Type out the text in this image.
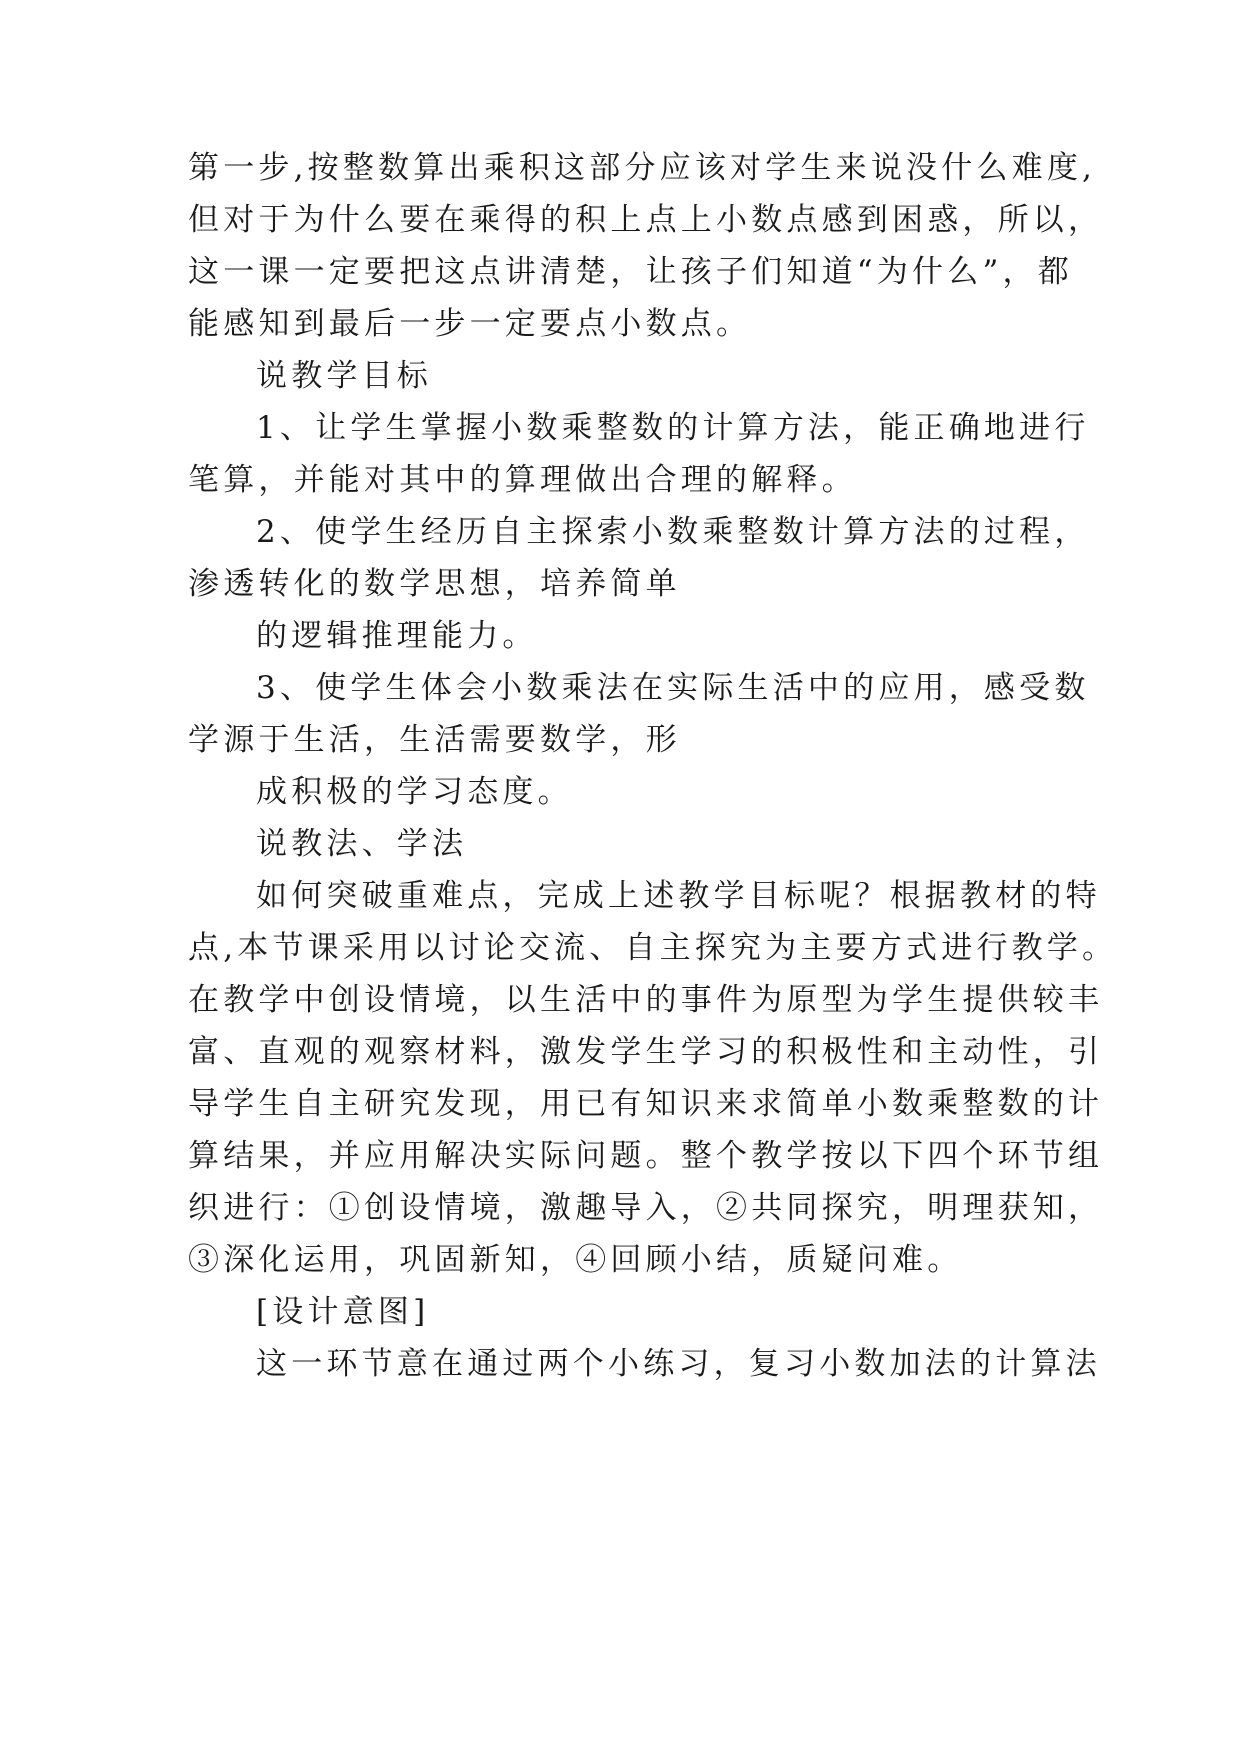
第一步,按整数算出乘积这部分应该对学生来说没什么难度,
但对于为什么要在乘得的积上点上小数点感到困惑，所以，
这一课一定要把这点讲清楚，让孩子们知道“为什么”，都
能感知到最后一步一定要点小数点。
说教学目标
1、让学生掌握小数乘整数的计算方法，能正确地进行
笔算，并能对其中的算理做出合理的解释。
2、使学生经历自主探索小数乘整数计算方法的过程，
渗透转化的数学思想，培养简单
的逻辑推理能力。
3、使学生体会小数乘法在实际生活中的应用，感受数
学源于生活，生活需要数学，形
成积极的学习态度。
说教法、学法
如何突破重难点，完成上述教学目标呢？根据教材的特
点,本节课采用以讨论交流、自主探究为主要方式进行教学。
在教学中创设情境，以生活中的事件为原型为学生提供较丰
富、直观的观察材料，激发学生学习的积极性和主动性，引
导学生自主研究发现，用已有知识来求简单小数乘整数的计
算结果，并应用解决实际问题。整个教学按以下四个环节组
织进行：①创设情境，激趣导入，②共同探究，明理获知，
③深化运用，巩固新知，④回顾小结，质疑问难。
[设计意图]
这一环节意在通过两个小练习，复习小数加法的计算法
